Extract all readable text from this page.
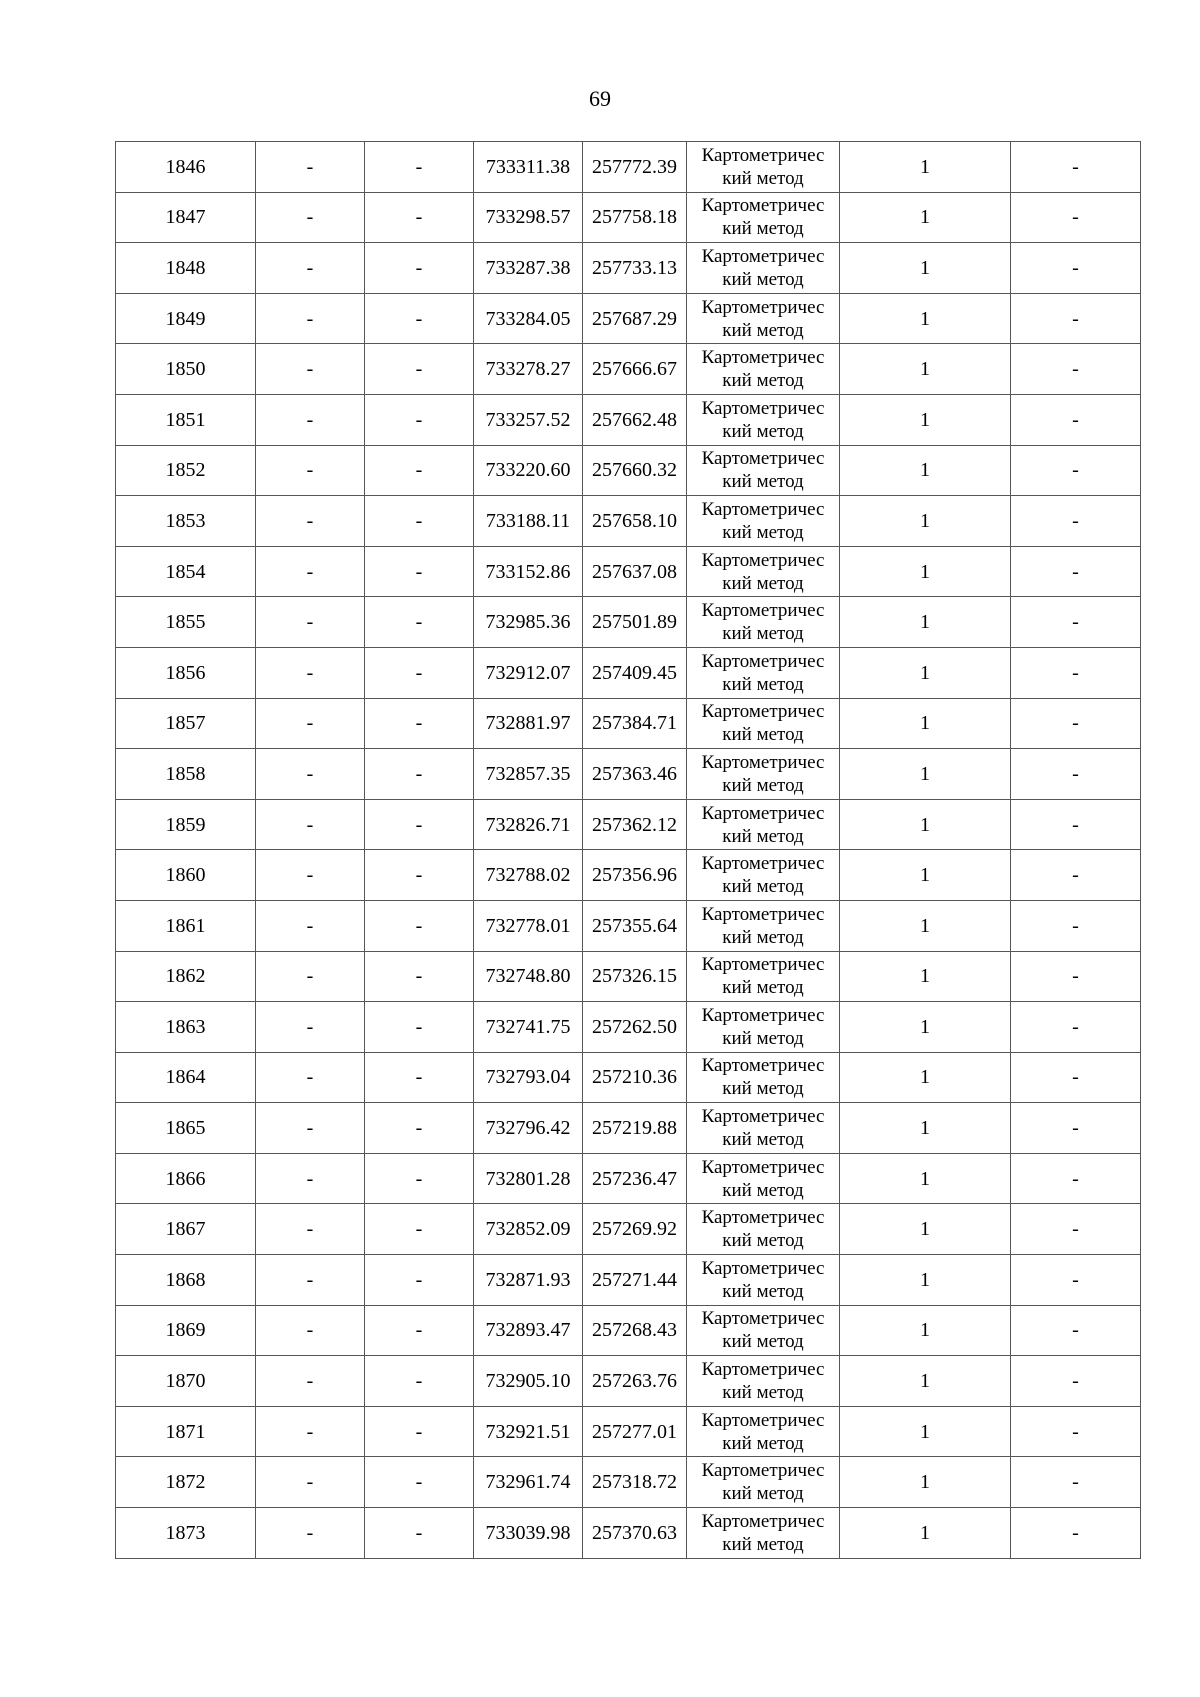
69
1846	-	-	733311.38	257772.39	Картометричес
кий метод	1	-
1847	-	-	733298.57	257758.18	Картометричес
кий метод	1	-
1848	-	-	733287.38	257733.13	Картометричес
кий метод	1	-
1849	-	-	733284.05	257687.29	Картометричес
кий метод	1	-
1850	-	-	733278.27	257666.67	Картометричес
кий метод	1	-
1851	-	-	733257.52	257662.48	Картометричес
кий метод	1	-
1852	-	-	733220.60	257660.32	Картометричес
кий метод	1	-
1853	-	-	733188.11	257658.10	Картометричес
кий метод	1	-
1854	-	-	733152.86	257637.08	Картометричес
кий метод	1	-
1855	-	-	732985.36	257501.89	Картометричес
кий метод	1	-
1856	-	-	732912.07	257409.45	Картометричес
кий метод	1	-
1857	-	-	732881.97	257384.71	Картометричес
кий метод	1	-
1858	-	-	732857.35	257363.46	Картометричес
кий метод	1	-
1859	-	-	732826.71	257362.12	Картометричес
кий метод	1	-
1860	-	-	732788.02	257356.96	Картометричес
кий метод	1	-
1861	-	-	732778.01	257355.64	Картометричес
кий метод	1	-
1862	-	-	732748.80	257326.15	Картометричес
кий метод	1	-
1863	-	-	732741.75	257262.50	Картометричес
кий метод	1	-
1864	-	-	732793.04	257210.36	Картометричес
кий метод	1	-
1865	-	-	732796.42	257219.88	Картометричес
кий метод	1	-
1866	-	-	732801.28	257236.47	Картометричес
кий метод	1	-
1867	-	-	732852.09	257269.92	Картометричес
кий метод	1	-
1868	-	-	732871.93	257271.44	Картометричес
кий метод	1	-
1869	-	-	732893.47	257268.43	Картометричес
кий метод	1	-
1870	-	-	732905.10	257263.76	Картометричес
кий метод	1	-
1871	-	-	732921.51	257277.01	Картометричес
кий метод	1	-
1872	-	-	732961.74	257318.72	Картометричес
кий метод	1	-
1873	-	-	733039.98	257370.63	Картометричес
кий метод	1	-
